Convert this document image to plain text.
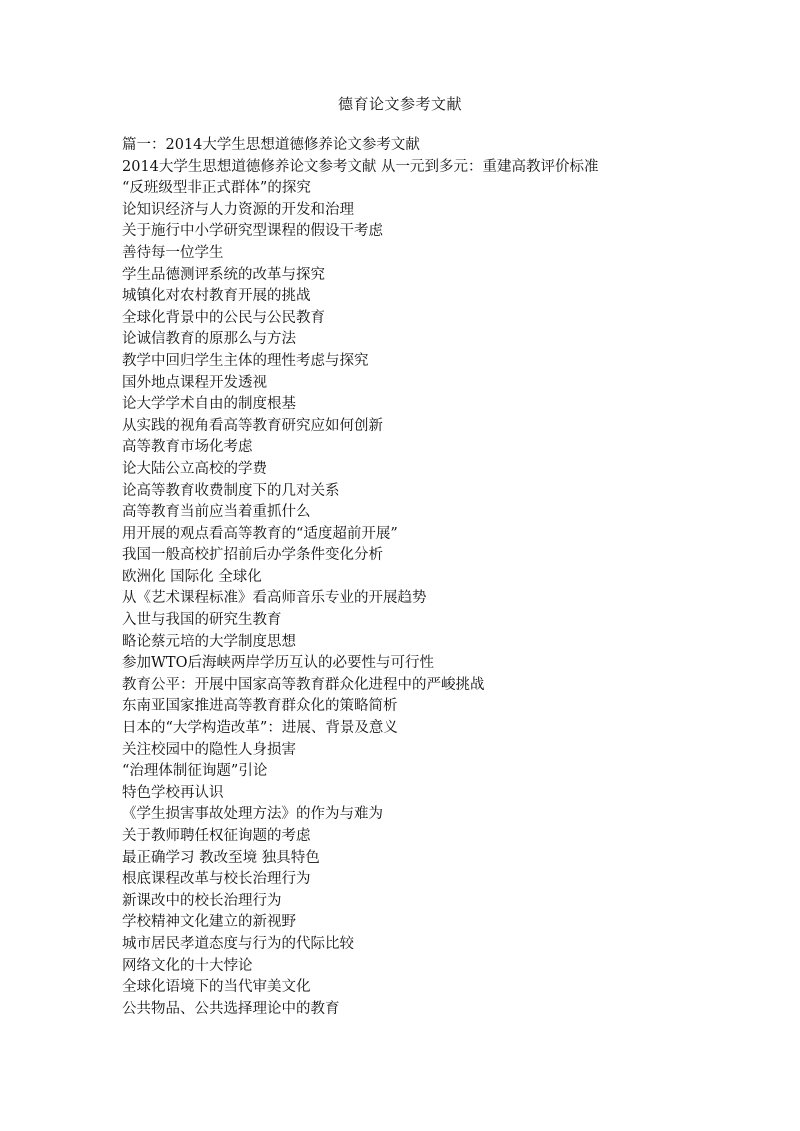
德育论文参考文献
篇一：2014大学生思想道德修养论文参考文献
2014大学生思想道德修养论文参考文献 从一元到多元：重建高教评价标准
“反班级型非正式群体”的探究
论知识经济与人力资源的开发和治理
关于施行中小学研究型课程的假设干考虑
善待每一位学生
学生品德测评系统的改革与探究
城镇化对农村教育开展的挑战
全球化背景中的公民与公民教育
论诚信教育的原那么与方法
教学中回归学生主体的理性考虑与探究
国外地点课程开发透视
论大学学术自由的制度根基
从实践的视角看高等教育研究应如何创新
高等教育市场化考虑
论大陆公立高校的学费
论高等教育收费制度下的几对关系
高等教育当前应当着重抓什么
用开展的观点看高等教育的“适度超前开展”
我国一般高校扩招前后办学条件变化分析
欧洲化 国际化 全球化
从《艺术课程标准》看高师音乐专业的开展趋势
入世与我国的研究生教育
略论蔡元培的大学制度思想
参加WTO后海峡两岸学历互认的必要性与可行性
教育公平：开展中国家高等教育群众化进程中的严峻挑战
东南亚国家推进高等教育群众化的策略简析
日本的“大学构造改革”：进展、背景及意义
关注校园中的隐性人身损害
“治理体制征询题”引论
特色学校再认识
《学生损害事故处理方法》的作为与难为
关于教师聘任权征询题的考虑
最正确学习 教改至境 独具特色
根底课程改革与校长治理行为
新课改中的校长治理行为
学校精神文化建立的新视野
城市居民孝道态度与行为的代际比较
网络文化的十大悖论
全球化语境下的当代审美文化
公共物品、公共选择理论中的教育
